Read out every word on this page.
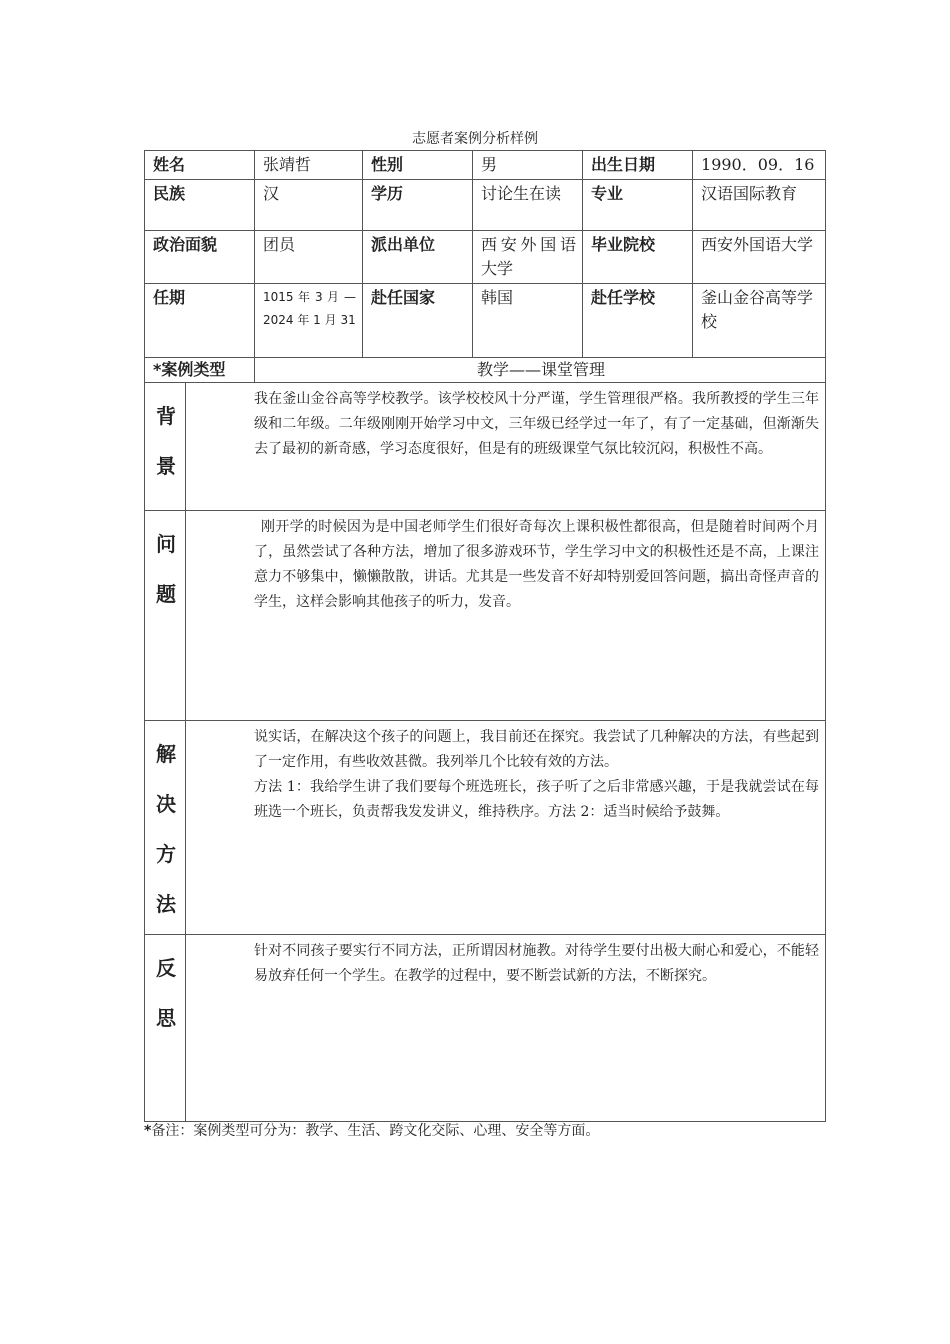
志愿者案例分析样例
姓名		张靖哲	性别	男	出生日期	1990．09．16
民族		汉	学历	讨论生在读	专业	汉语国际教育
政治面貌		团员	派出单位	西安外国语大学	毕业院校	西安外国语大学
任期		1015 年 3 月 — 2024 年 1 月 31	赴任国家	韩国	赴任学校	釜山金谷高等学校
*案例类型		教学——课堂管理				

背景	我在釜山金谷高等学校教学。该学校校风十分严谨，学生管理很严格。我所教授的学生三年级和二年级。二年级刚刚开始学习中文，三年级已经学过一年了，有了一定基础，但渐渐失去了最初的新奇感，学习态度很好，但是有的班级课堂气氛比较沉闷，积极性不高。					

问题	刚开学的时候因为是中国老师学生们很好奇每次上课积极性都很高，但是随着时间两个月了，虽然尝试了各种方法，增加了很多游戏环节，学生学习中文的积极性还是不高，上课注意力不够集中，懒懒散散，讲话。尤其是一些发音不好却特别爱回答问题，搞出奇怪声音的学生，这样会影响其他孩子的听力，发音。					

解决方法	说实话，在解决这个孩子的问题上，我目前还在探究。我尝试了几种解决的方法，有些起到了一定作用，有些收效甚微。我列举几个比较有效的方法。

方法 1：我给学生讲了我们要每个班选班长，孩子听了之后非常感兴趣，于是我就尝试在每班选一个班长，负责帮我发发讲义，维持秩序。方法 2：适当时候给予鼓舞。					

反思	针对不同孩子要实行不同方法，正所谓因材施教。对待学生要付出极大耐心和爱心，不能轻易放弃任何一个学生。在教学的过程中，要不断尝试新的方法，不断探究。					

*备注：案例类型可分为：教学、生活、跨文化交际、心理、安全等方面。
